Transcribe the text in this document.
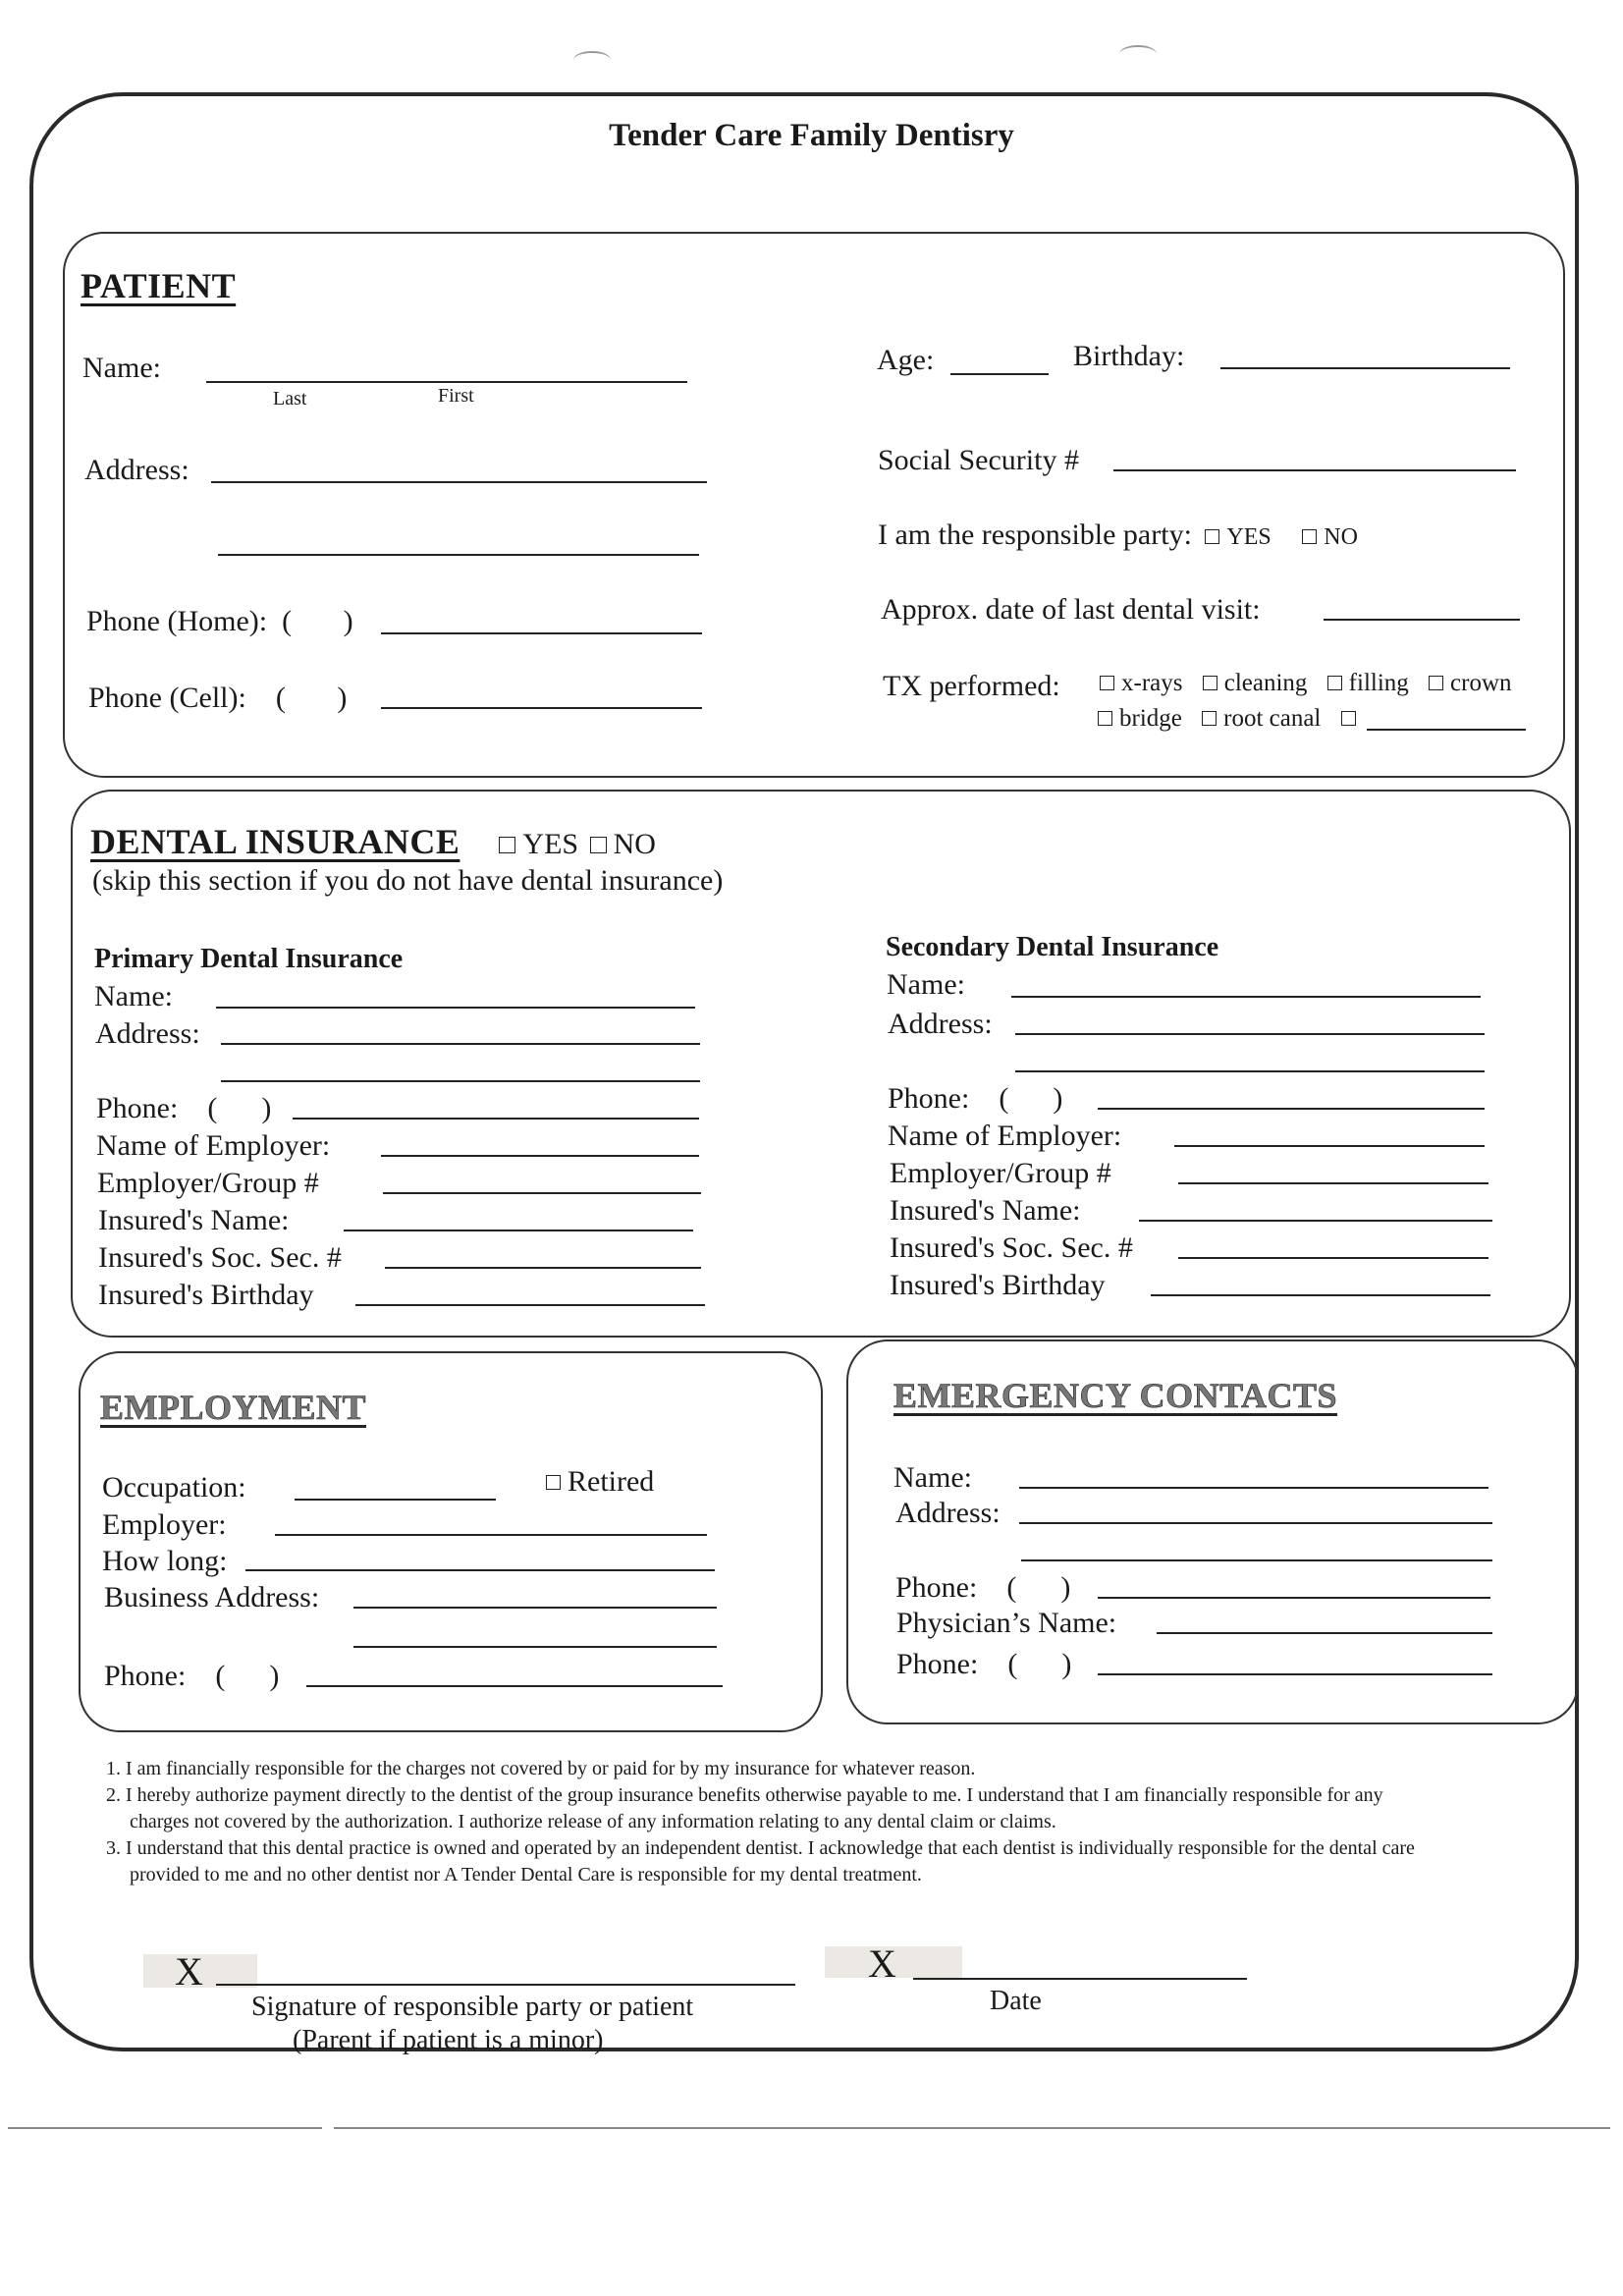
Tender Care Family Dentisry
PATIENT
Name:
Last	First
Address:
Phone (Home): ( )
Phone (Cell): ( )
Age:	Birthday:
Social Security #
I am the responsible party: YES NO
Approx. date of last dental visit:
TX performed:	x-rays cleaning filling crown
bridge root canal
DENTAL INSURANCE YES NO
(skip this section if you do not have dental insurance)
Primary Dental Insurance
Name:
Address:
Phone: ( )
Name of Employer:
Employer/Group #
Insured's Name:
Insured's Soc. Sec. #
Insured's Birthday
Secondary Dental Insurance
Name:
Address:
Phone: ( )
Name of Employer:
Employer/Group #
Insured's Name:
Insured's Soc. Sec. #
Insured's Birthday
EMPLOYMENT
Occupation:	Retired
Employer:
How long:
Business Address:
Phone: ( )
EMERGENCY CONTACTS
Name:
Address:
Phone: ( )
Physician’s Name:
Phone: ( )
1. I am financially responsible for the charges not covered by or paid for by my insurance for whatever reason.
2. I hereby authorize payment directly to the dentist of the group insurance benefits otherwise payable to me. I understand that I am financially responsible for any
charges not covered by the authorization. I authorize release of any information relating to any dental claim or claims.
3. I understand that this dental practice is owned and operated by an independent dentist. I acknowledge that each dentist is individually responsible for the dental care
provided to me and no other dentist nor A Tender Dental Care is responsible for my dental treatment.
X
Signature of responsible party or patient
(Parent if patient is a minor)
X
Date
